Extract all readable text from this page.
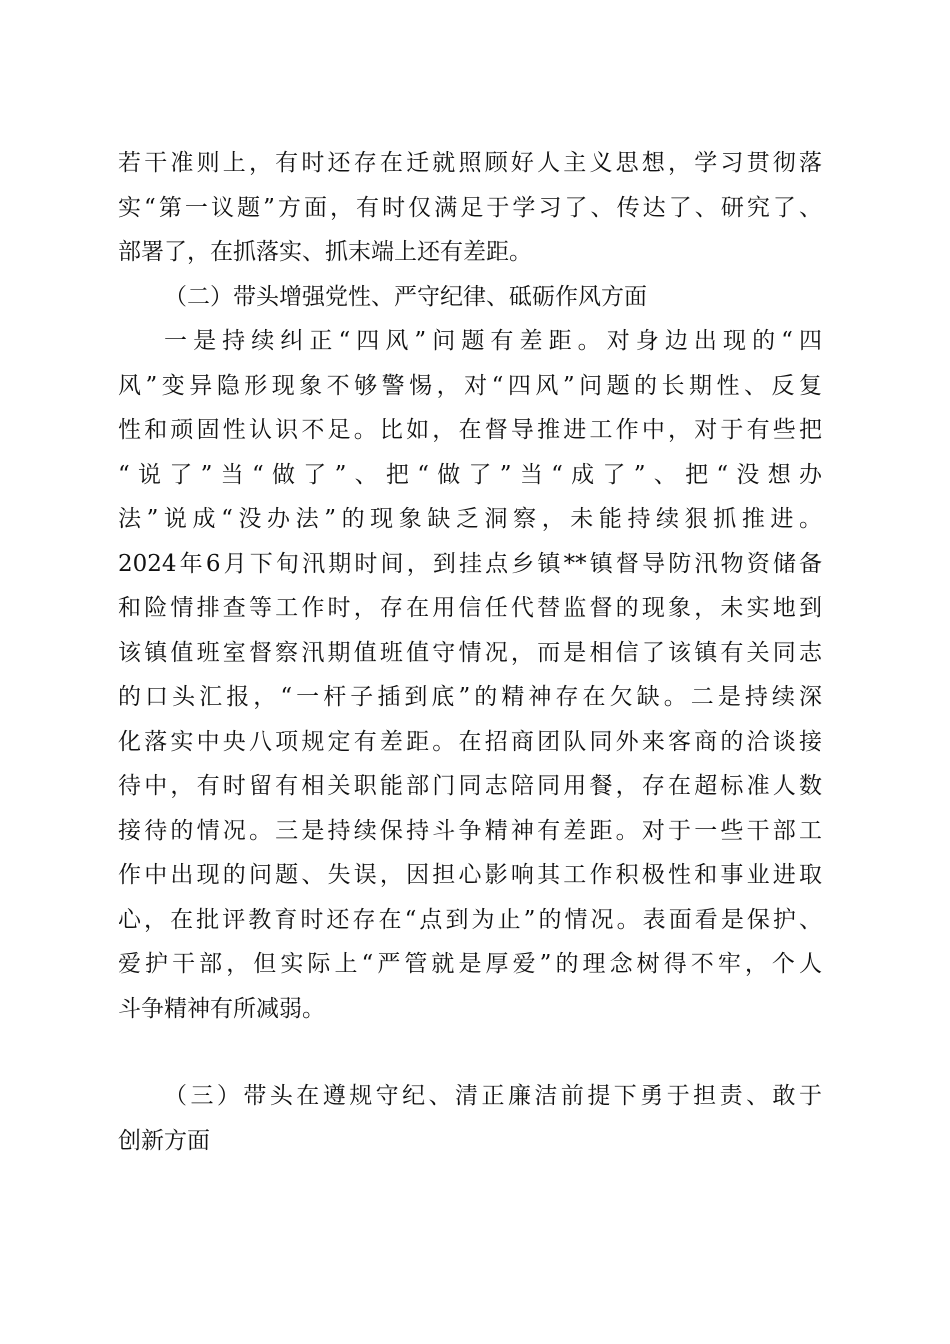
若干准则上，有时还存在迁就照顾好人主义思想，学习贯彻落
实“第一议题”方面，有时仅满足于学习了、传达了、研究了、
部署了，在抓落实、抓末端上还有差距。
（二）带头增强党性、严守纪律、砥砺作风方面
一是持续纠正“四风”问题有差距。对身边出现的“四
风”变异隐形现象不够警惕，对“四风”问题的长期性、反复
性和顽固性认识不足。比如，在督导推进工作中，对于有些把
“说了”当“做了”、把“做了”当“成了”、把“没想办
法”说成“没办法”的现象缺乏洞察，未能持续狠抓推进。
2024年6月下旬汛期时间，到挂点乡镇**镇督导防汛物资储备
和险情排查等工作时，存在用信任代替监督的现象，未实地到
该镇值班室督察汛期值班值守情况，而是相信了该镇有关同志
的口头汇报，“一杆子插到底”的精神存在欠缺。二是持续深
化落实中央八项规定有差距。在招商团队同外来客商的洽谈接
待中，有时留有相关职能部门同志陪同用餐，存在超标准人数
接待的情况。三是持续保持斗争精神有差距。对于一些干部工
作中出现的问题、失误，因担心影响其工作积极性和事业进取
心，在批评教育时还存在“点到为止”的情况。表面看是保护、
爱护干部，但实际上“严管就是厚爱”的理念树得不牢，个人
斗争精神有所减弱。
（三）带头在遵规守纪、清正廉洁前提下勇于担责、敢于
创新方面
